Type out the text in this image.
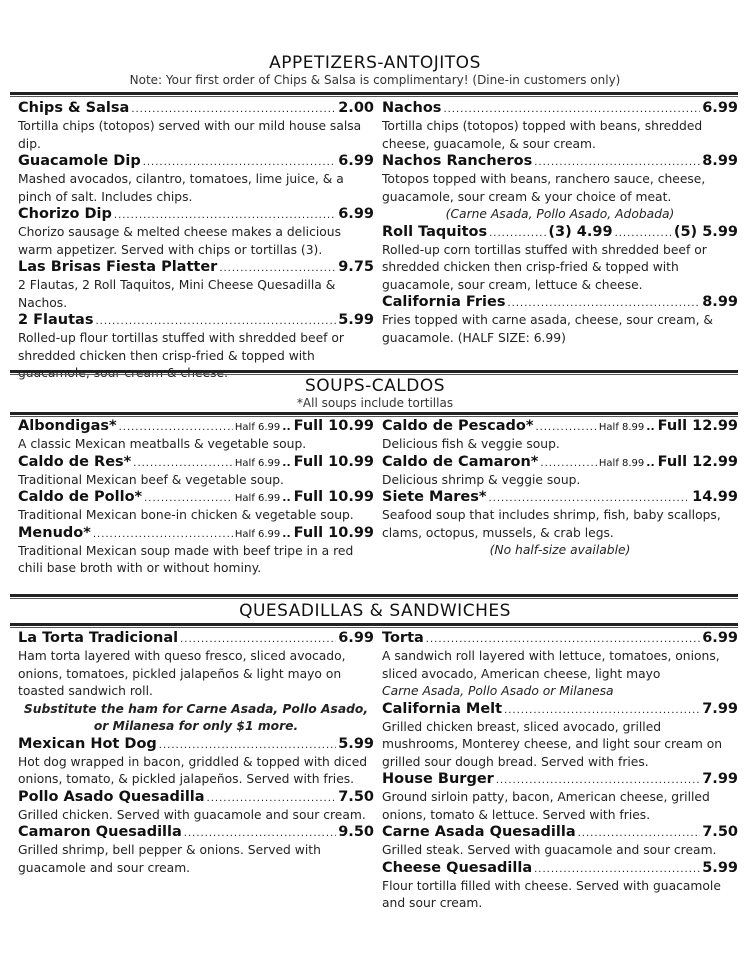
APPETIZERS-ANTOJITOS
Note: Your first order of Chips & Salsa is complimentary! (Dine-in customers only)
Chips & Salsa .....	2.00
Tortilla chips (totopos) served with our mild house salsa dip.
Guacamole Dip .....	6.99
Mashed avocados, cilantro, tomatoes, lime juice, & a pinch of salt. Includes chips.
Chorizo Dip .....	6.99
Chorizo sausage & melted cheese makes a delicious warm appetizer. Served with chips or tortillas (3).
Las Brisas Fiesta Platter .....	9.75
2 Flautas, 2 Roll Taquitos, Mini Cheese Quesadilla & Nachos.
2 Flautas .....	5.99
Rolled-up flour tortillas stuffed with shredded beef or shredded chicken then crisp-fried & topped with guacamole, sour cream & cheese.
Nachos .....	6.99
Tortilla chips (totopos) topped with beans, shredded cheese, guacamole, & sour cream.
Nachos Rancheros .....	8.99
Totopos topped with beans, ranchero sauce, cheese, guacamole, sour cream & your choice of meat.
(Carne Asada, Pollo Asado, Adobada)
Roll Taquitos .....	(3) 4.99 .....	(5) 5.99
Rolled-up corn tortillas stuffed with shredded beef or shredded chicken then crisp-fried & topped with guacamole, sour cream, lettuce & cheese.
California Fries .....	8.99
Fries topped with carne asada, cheese, sour cream, & guacamole. (HALF SIZE: 6.99)
SOUPS-CALDOS
*All soups include tortillas
Albondigas* .....	Half 6.99 .. Full 10.99
A classic Mexican meatballs & vegetable soup.
Caldo de Res* .....	Half 6.99 .. Full 10.99
Traditional Mexican beef & vegetable soup.
Caldo de Pollo* .....	Half 6.99 .. Full 10.99
Traditional Mexican bone-in chicken & vegetable soup.
Menudo* .....	Half 6.99 .. Full 10.99
Traditional Mexican soup made with beef tripe in a red chili base broth with or without hominy.
Caldo de Pescado* .....	Half 8.99 .. Full 12.99
Delicious fish & veggie soup.
Caldo de Camaron* .....	Half 8.99 .. Full 12.99
Delicious shrimp & veggie soup.
Siete Mares* .....	14.99
Seafood soup that includes shrimp, fish, baby scallops, clams, octopus, mussels, & crab legs.
(No half-size available)
QUESADILLAS & SANDWICHES
La Torta Tradicional .....	6.99
Ham torta layered with queso fresco, sliced avocado, onions, tomatoes, pickled jalapeños & light mayo on toasted sandwich roll.
Substitute the ham for Carne Asada, Pollo Asado, or Milanesa for only $1 more.
Mexican Hot Dog .....	5.99
Hot dog wrapped in bacon, griddled & topped with diced onions, tomato, & pickled jalapeños. Served with fries.
Pollo Asado Quesadilla .....	7.50
Grilled chicken. Served with guacamole and sour cream.
Camaron Quesadilla .....	9.50
Grilled shrimp, bell pepper & onions. Served with guacamole and sour cream.
Torta .....	6.99
A sandwich roll layered with lettuce, tomatoes, onions, sliced avocado, American cheese, light mayo
Carne Asada, Pollo Asado or Milanesa
California Melt .....	7.99
Grilled chicken breast, sliced avocado, grilled mushrooms, Monterey cheese, and light sour cream on grilled sour dough bread. Served with fries.
House Burger .....	7.99
Ground sirloin patty, bacon, American cheese, grilled onions, tomato & lettuce. Served with fries.
Carne Asada Quesadilla .....	7.50
Grilled steak. Served with guacamole and sour cream.
Cheese Quesadilla .....	5.99
Flour tortilla filled with cheese. Served with guacamole and sour cream.
